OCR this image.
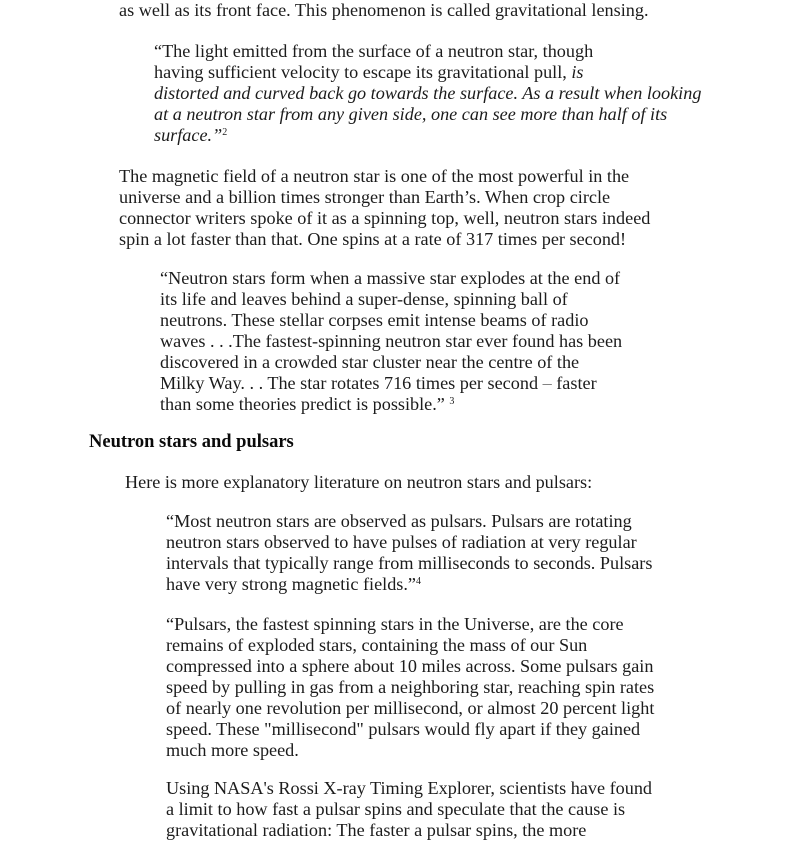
as well as its front face. This phenomenon is called gravitational lensing.

“The light emitted from the surface of a neutron star, though
having sufficient velocity to escape its gravitational pull, is
distorted and curved back go towards the surface. As a result when looking
at a neutron star from any given side, one can see more than half of its
surface.”$^2$

The magnetic field of a neutron star is one of the most powerful in the
universe and a billion times stronger than Earth’s. When crop circle
connector writers spoke of it as a spinning top, well, neutron stars indeed
spin a lot faster than that. One spins at a rate of 317 times per second!

“Neutron stars form when a massive star explodes at the end of
its life and leaves behind a super-dense, spinning ball of
neutrons. These stellar corpses emit intense beams of radio
waves . . .The fastest-spinning neutron star ever found has been
discovered in a crowded star cluster near the centre of the
Milky Way. . . The star rotates 716 times per second – faster
than some theories predict is possible.” $^3$
Neutron stars and pulsars

Here is more explanatory literature on neutron stars and pulsars:

“Most neutron stars are observed as pulsars. Pulsars are rotating
neutron stars observed to have pulses of radiation at very regular
intervals that typically range from milliseconds to seconds. Pulsars
have very strong magnetic fields.”$^4$
“Pulsars, the fastest spinning stars in the Universe, are the core
remains of exploded stars, containing the mass of our Sun
compressed into a sphere about 10 miles across. Some pulsars gain
speed by pulling in gas from a neighboring star, reaching spin rates
of nearly one revolution per millisecond, or almost 20 percent light
speed. These "millisecond" pulsars would fly apart if they gained
much more speed.

Using NASA's Rossi X-ray Timing Explorer, scientists have found
a limit to how fast a pulsar spins and speculate that the cause is
gravitational radiation: The faster a pulsar spins, the more
